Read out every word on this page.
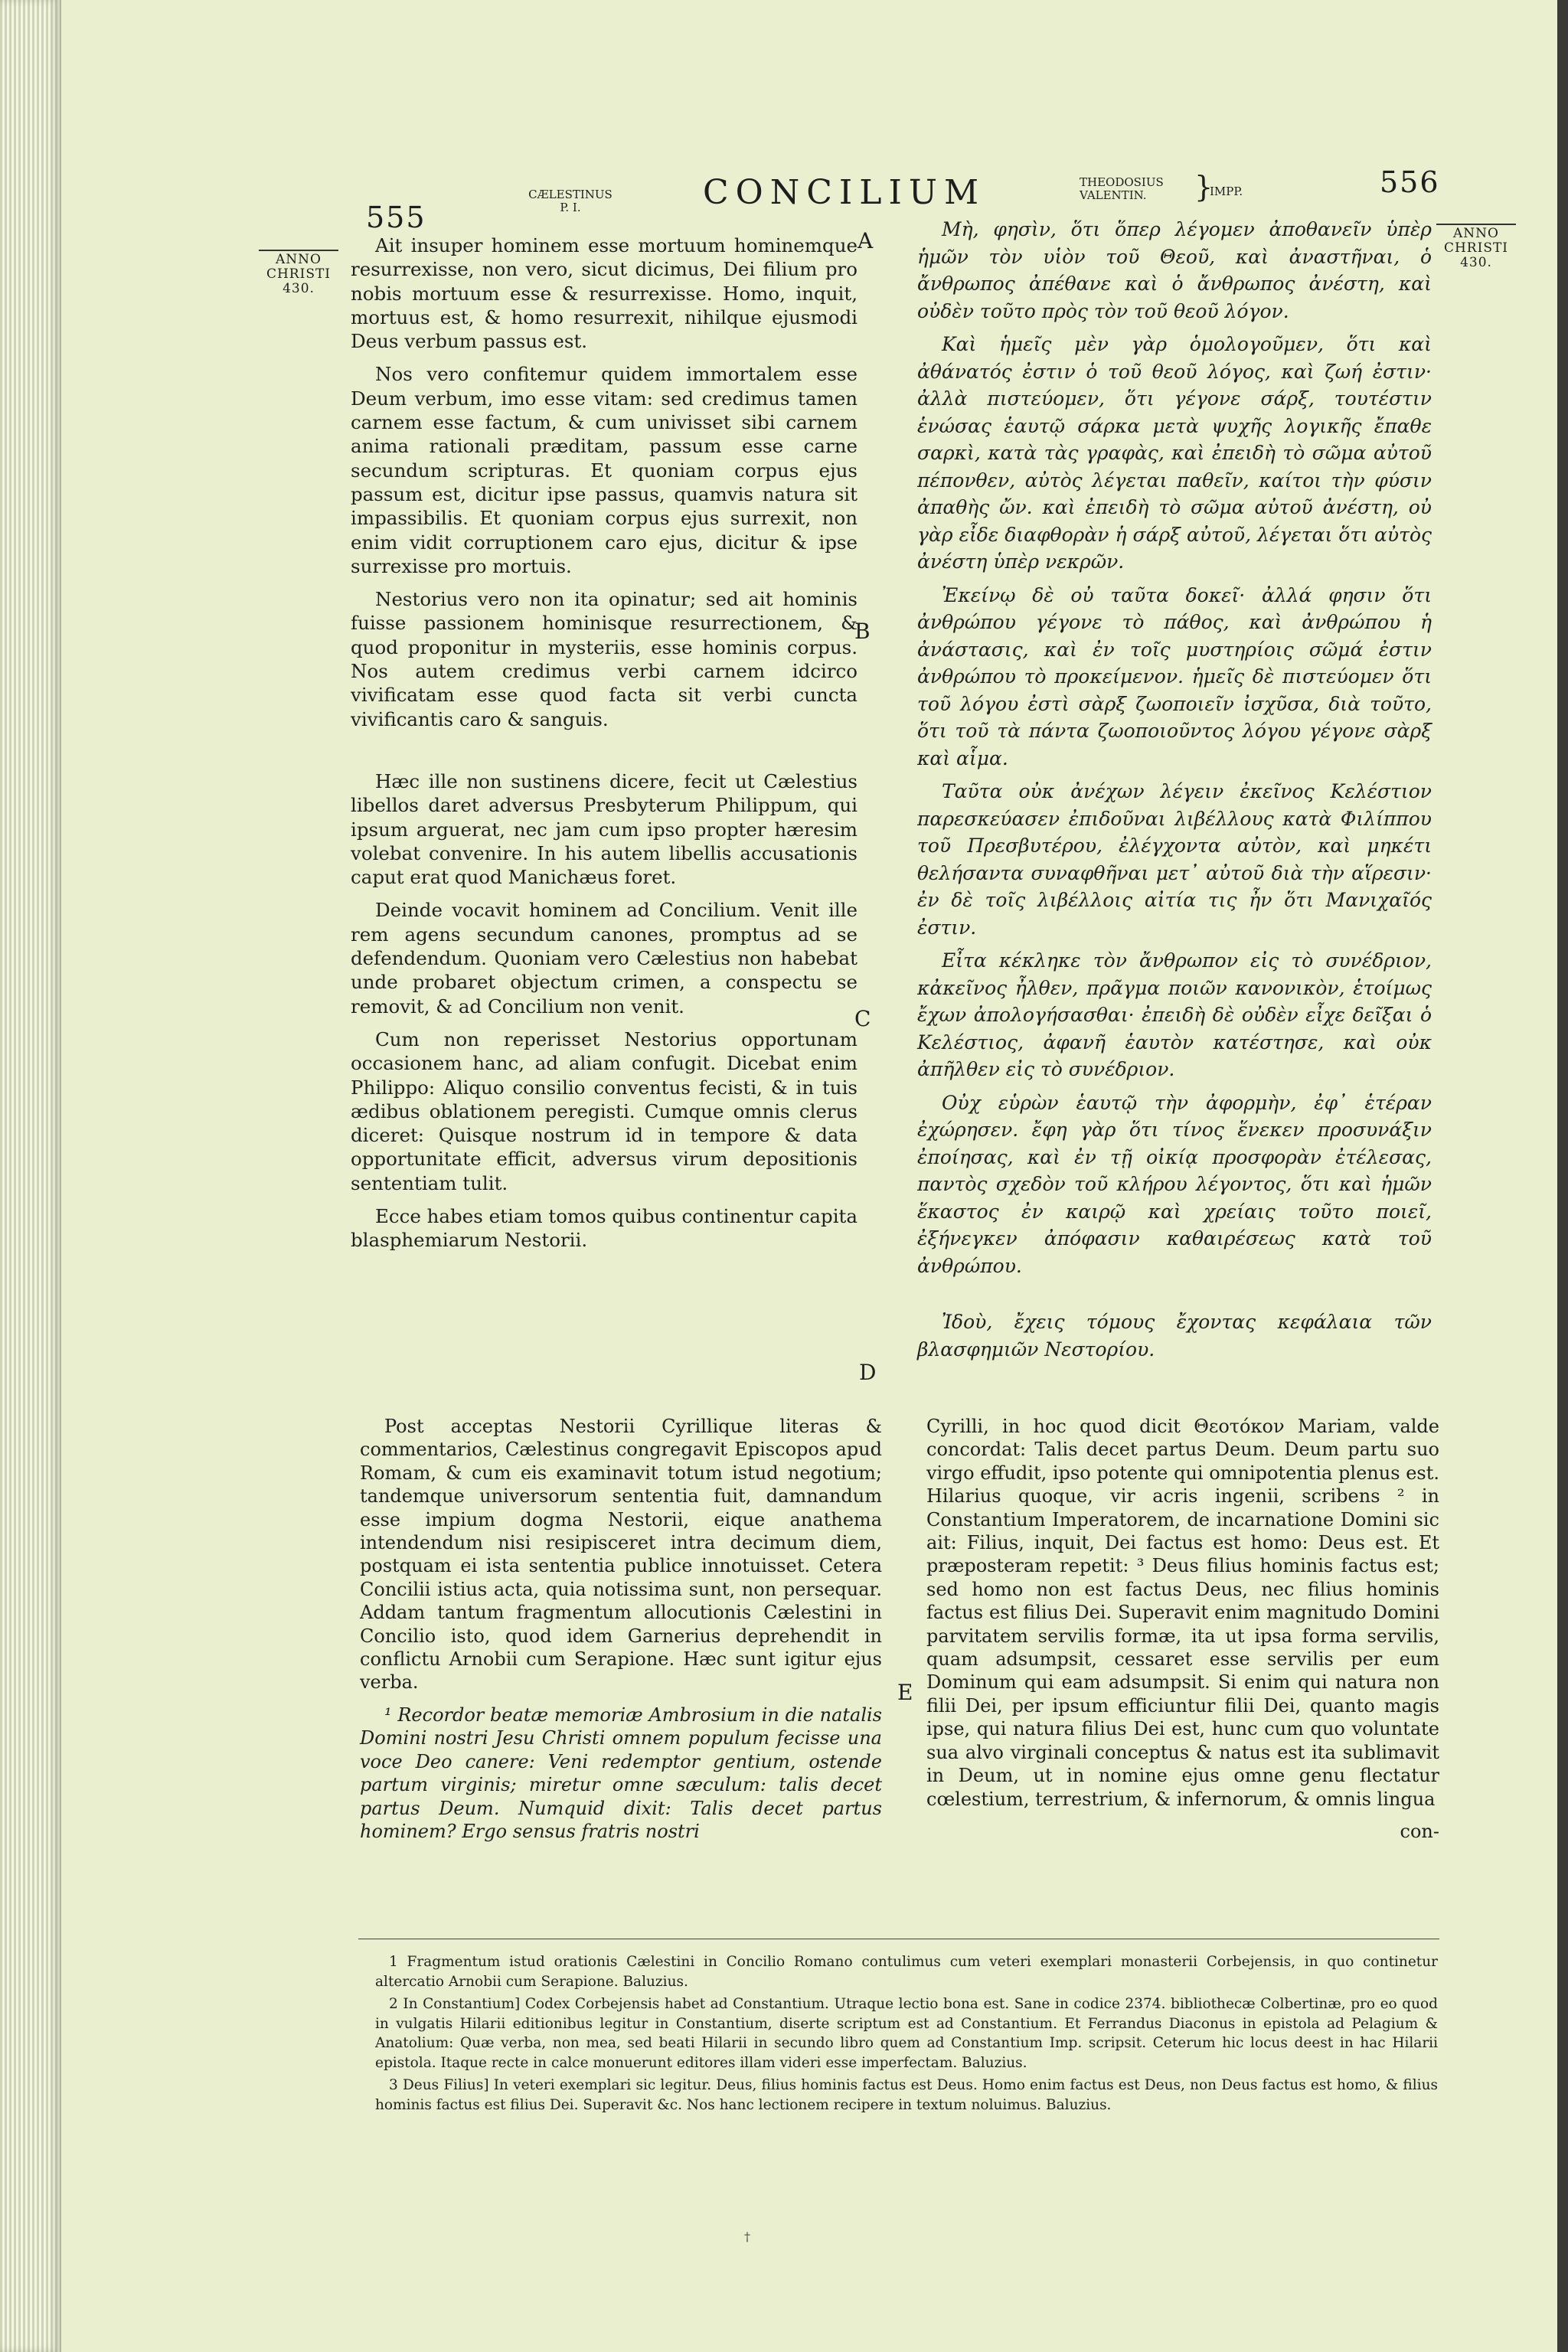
555
CÆLESTINUS
P. I.	CONCILIUM	THEODOSIUS
VALENTIN.	}
IMPP.	556
ANNO
CHRISTI
430.
ANNO
CHRISTI
430.
A
B
C
D
E

Ait insuper hominem esse mortuum hominemque resurrexisse, non vero, sicut dicimus, Dei filium pro nobis mortuum esse & resurrexisse. Homo, inquit, mortuus est, & homo resurrexit, nihilque ejusmodi Deus verbum passus est.

Nos vero confitemur quidem immortalem esse Deum verbum, imo esse vitam: sed credimus tamen carnem esse factum, & cum univisset sibi carnem anima rationali præditam, passum esse carne secundum scripturas. Et quoniam corpus ejus passum est, dicitur ipse passus, quamvis natura sit impassibilis. Et quoniam corpus ejus surrexit, non enim vidit corruptionem caro ejus, dicitur & ipse surrexisse pro mortuis.

Nestorius vero non ita opinatur; sed ait hominis fuisse passionem hominisque resurrectionem, & quod proponitur in mysteriis, esse hominis corpus. Nos autem credimus verbi carnem idcirco vivificatam esse quod facta sit verbi cuncta vivificantis caro & sanguis.

Hæc ille non sustinens dicere, fecit ut Cælestius libellos daret adversus Presbyterum Philippum, qui ipsum arguerat, nec jam cum ipso propter hæresim volebat convenire. In his autem libellis accusationis caput erat quod Manichæus foret.

Deinde vocavit hominem ad Concilium. Venit ille rem agens secundum canones, promptus ad se defendendum. Quoniam vero Cælestius non habebat unde probaret objectum crimen, a conspectu se removit, & ad Concilium non venit.

Cum non reperisset Nestorius opportunam occasionem hanc, ad aliam confugit. Dicebat enim Philippo: Aliquo consilio conventus fecisti, & in tuis ædibus oblationem peregisti. Cumque omnis clerus diceret: Quisque nostrum id in tempore & data opportunitate efficit, adversus virum depositionis sententiam tulit.

Ecce habes etiam tomos quibus continentur capita blasphemiarum Nestorii.

Μὴ, φησὶν, ὅτι ὅπερ λέγομεν ἀποθανεῖν ὑπὲρ ἡμῶν τὸν υἱὸν τοῦ Θεοῦ, καὶ ἀναστῆναι, ὁ ἄνθρωπος ἀπέθανε καὶ ὁ ἄνθρωπος ἀνέστη, καὶ οὐδὲν τοῦτο πρὸς τὸν τοῦ θεοῦ λόγον.

Καὶ ἡμεῖς μὲν γὰρ ὁμολογοῦμεν, ὅτι καὶ ἀθάνατός ἐστιν ὁ τοῦ θεοῦ λόγος, καὶ ζωή ἐστιν· ἀλλὰ πιστεύομεν, ὅτι γέγονε σάρξ, τουτέστιν ἑνώσας ἑαυτῷ σάρκα μετὰ ψυχῆς λογικῆς ἔπαθε σαρκὶ, κατὰ τὰς γραφὰς, καὶ ἐπειδὴ τὸ σῶμα αὐτοῦ πέπονθεν, αὐτὸς λέγεται παθεῖν, καίτοι τὴν φύσιν ἀπαθὴς ὤν. καὶ ἐπειδὴ τὸ σῶμα αὐτοῦ ἀνέστη, οὐ γὰρ εἶδε διαφθορὰν ἡ σάρξ αὐτοῦ, λέγεται ὅτι αὐτὸς ἀνέστη ὑπὲρ νεκρῶν.

Ἐκείνῳ δὲ οὐ ταῦτα δοκεῖ· ἀλλά φησιν ὅτι ἀνθρώπου γέγονε τὸ πάθος, καὶ ἀνθρώπου ἡ ἀνάστασις, καὶ ἐν τοῖς μυστηρίοις σῶμά ἐστιν ἀνθρώπου τὸ προκείμενον. ἡμεῖς δὲ πιστεύομεν ὅτι τοῦ λόγου ἐστὶ σὰρξ ζωοποιεῖν ἰσχῦσα, διὰ τοῦτο, ὅτι τοῦ τὰ πάντα ζωοποιοῦντος λόγου γέγονε σὰρξ καὶ αἷμα.

Ταῦτα οὐκ ἀνέχων λέγειν ἐκεῖνος Κελέστιον παρεσκεύασεν ἐπιδοῦναι λιβέλλους κατὰ Φιλίππου τοῦ Πρεσβυτέρου, ἐλέγχοντα αὐτὸν, καὶ μηκέτι θελήσαντα συναφθῆναι μετ᾽ αὐτοῦ διὰ τὴν αἵρεσιν· ἐν δὲ τοῖς λιβέλλοις αἰτία τις ἦν ὅτι Μανιχαῖός ἐστιν.

Εἶτα κέκληκε τὸν ἄνθρωπον εἰς τὸ συνέδριον, κἀκεῖνος ἦλθεν, πρᾶγμα ποιῶν κανονικὸν, ἑτοίμως ἔχων ἀπολογήσασθαι· ἐπειδὴ δὲ οὐδὲν εἶχε δεῖξαι ὁ Κελέστιος, ἀφανῆ ἑαυτὸν κατέστησε, καὶ οὐκ ἀπῆλθεν εἰς τὸ συνέδριον.

Οὐχ εὑρὼν ἑαυτῷ τὴν ἀφορμὴν, ἐφ᾽ ἑτέραν ἐχώρησεν. ἔφη γὰρ ὅτι τίνος ἕνεκεν προσυνάξιν ἐποίησας, καὶ ἐν τῇ οἰκίᾳ προσφορὰν ἐτέλεσας, παντὸς σχεδὸν τοῦ κλήρου λέγοντος, ὅτι καὶ ἡμῶν ἕκαστος ἐν καιρῷ καὶ χρείαις τοῦτο ποιεῖ, ἐξήνεγκεν ἀπόφασιν καθαιρέσεως κατὰ τοῦ ἀνθρώπου.

Ἰδοὺ, ἔχεις τόμους ἔχοντας κεφάλαια τῶν βλασφημιῶν Νεστορίου.

Post acceptas Nestorii Cyrillique literas & commentarios, Cælestinus congregavit Episcopos apud Romam, & cum eis examinavit totum istud negotium; tandemque universorum sententia fuit, damnandum esse impium dogma Nestorii, eique anathema intendendum nisi resipisceret intra decimum diem, postquam ei ista sententia publice innotuisset. Cetera Concilii istius acta, quia notissima sunt, non persequar. Addam tantum fragmentum allocutionis Cælestini in Concilio isto, quod idem Garnerius deprehendit in conflictu Arnobii cum Serapione. Hæc sunt igitur ejus verba.

¹ Recordor beatæ memoriæ Ambrosium in die natalis Domini nostri Jesu Christi omnem populum fecisse una voce Deo canere: Veni redemptor gentium, ostende partum virginis; miretur omne sæculum: talis decet partus Deum. Numquid dixit: Talis decet partus hominem? Ergo sensus fratris nostri

Cyrilli, in hoc quod dicit Θεοτόκον Mariam, valde concordat: Talis decet partus Deum. Deum partu suo virgo effudit, ipso potente qui omnipotentia plenus est. Hilarius quoque, vir acris ingenii, scribens ² in Constantium Imperatorem, de incarnatione Domini sic ait: Filius, inquit, Dei factus est homo: Deus est. Et præposteram repetit: ³ Deus filius hominis factus est; sed homo non est factus Deus, nec filius hominis factus est filius Dei. Superavit enim magnitudo Domini parvitatem servilis formæ, ita ut ipsa forma servilis, quam adsumpsit, cessaret esse servilis per eum Dominum qui eam adsumpsit. Si enim qui natura non filii Dei, per ipsum efficiuntur filii Dei, quanto magis ipse, qui natura filius Dei est, hunc cum quo voluntate sua alvo virginali conceptus & natus est ita sublimavit in Deum, ut in nomine ejus omne genu flectatur cœlestium, terrestrium, & infernorum, & omnis lingua

con-

1 Fragmentum istud orationis Cælestini in Concilio Romano contulimus cum veteri exemplari monasterii Corbejensis, in quo continetur altercatio Arnobii cum Serapione. Baluzius.

2 In Constantium] Codex Corbejensis habet ad Constantium. Utraque lectio bona est. Sane in codice 2374. bibliothecæ Colbertinæ, pro eo quod in vulgatis Hilarii editionibus legitur in Constantium, diserte scriptum est ad Constantium. Et Ferrandus Diaconus in epistola ad Pelagium & Anatolium: Quæ verba, non mea, sed beati Hilarii in secundo libro quem ad Constantium Imp. scripsit. Ceterum hic locus deest in hac Hilarii epistola. Itaque recte in calce monuerunt editores illam videri esse imperfectam. Baluzius.

3 Deus Filius] In veteri exemplari sic legitur. Deus, filius hominis factus est Deus. Homo enim factus est Deus, non Deus factus est homo, & filius hominis factus est filius Dei. Superavit &c. Nos hanc lectionem recipere in textum noluimus. Baluzius.

†
